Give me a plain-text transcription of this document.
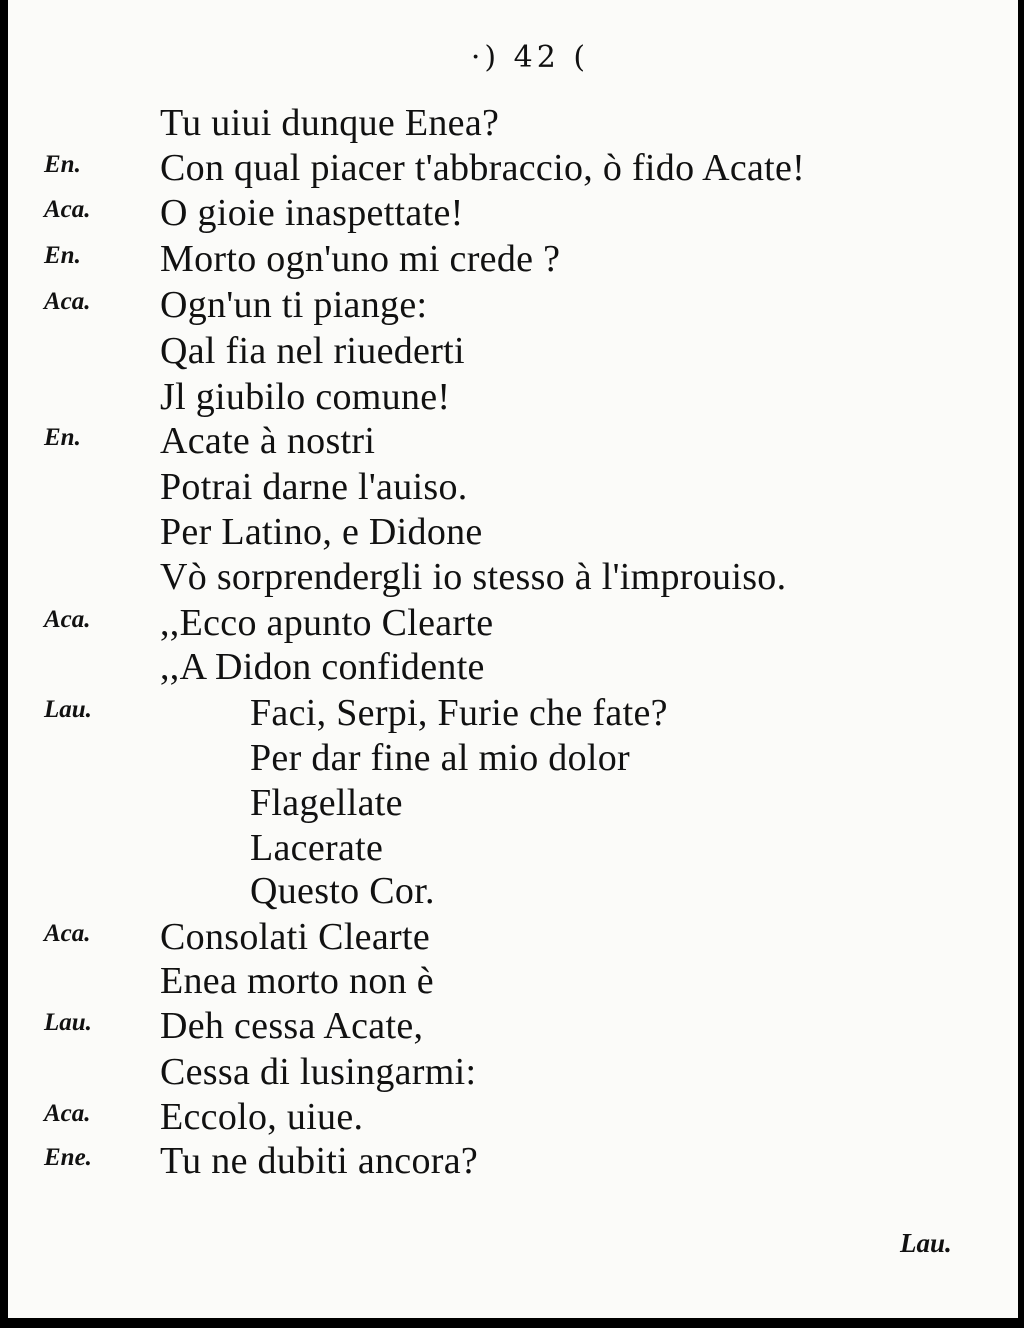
·) 42 (
Tu uiui dunque Enea?
En.	Con qual piacer t'abbraccio, ò fido Acate!
Aca.	O gioie inaspettate!
En.	Morto ogn'uno mi crede ?
Aca.	Ogn'un ti piange:
Qal fia nel riuederti
Jl giubilo comune!
En.	Acate à nostri
Potrai darne l'auiso.
Per Latino, e Didone
Vò sorprendergli io stesso à l'improuiso.
Aca.	,,Ecco apunto Clearte
,,A Didon confidente
Lau.	Faci, Serpi, Furie che fate?
Per dar fine al mio dolor
Flagellate
Lacerate
Questo Cor.
Aca.	Consolati Clearte
Enea morto non è
Lau.	Deh cessa Acate,
Cessa di lusingarmi:
Aca.	Eccolo, uiue.
Ene.	Tu ne dubiti ancora?
Lau.
